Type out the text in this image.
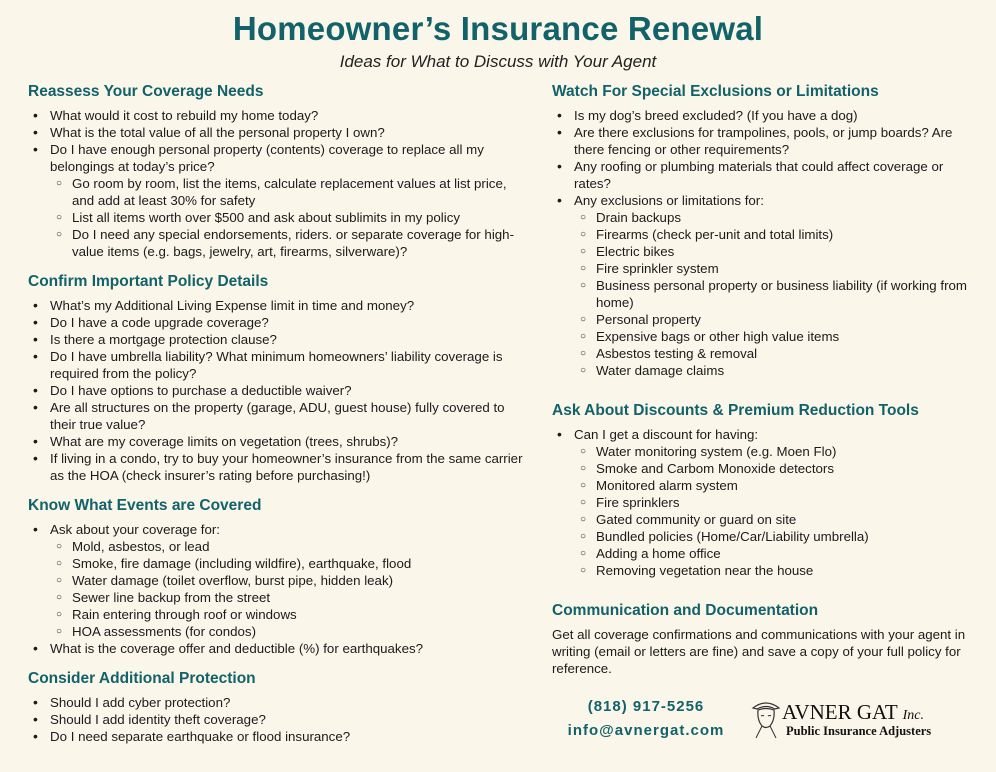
Homeowner’s Insurance Renewal
Ideas for What to Discuss with Your Agent
Reassess Your Coverage Needs
• What would it cost to rebuild my home today?
• What is the total value of all the personal property I own?
• Do I have enough personal property (contents) coverage to replace all my belongings at today’s price?
○ Go room by room, list the items, calculate replacement values at list price, and add at least 30% for safety
○ List all items worth over $500 and ask about sublimits in my policy
○ Do I need any special endorsements, riders. or separate coverage for high-value items (e.g. bags, jewelry, art, firearms, silverware)?
Confirm Important Policy Details
• What’s my Additional Living Expense limit in time and money?
• Do I have a code upgrade coverage?
• Is there a mortgage protection clause?
• Do I have umbrella liability? What minimum homeowners’ liability coverage is required from the policy?
• Do I have options to purchase a deductible waiver?
• Are all structures on the property (garage, ADU, guest house) fully covered to their true value?
• What are my coverage limits on vegetation (trees, shrubs)?
• If living in a condo, try to buy your homeowner’s insurance from the same carrier as the HOA (check insurer’s rating before purchasing!)
Know What Events are Covered
• Ask about your coverage for:
○ Mold, asbestos, or lead
○ Smoke, fire damage (including wildfire), earthquake, flood
○ Water damage (toilet overflow, burst pipe, hidden leak)
○ Sewer line backup from the street
○ Rain entering through roof or windows
○ HOA assessments (for condos)
• What is the coverage offer and deductible (%) for earthquakes?
Consider Additional Protection
• Should I add cyber protection?
• Should I add identity theft coverage?
• Do I need separate earthquake or flood insurance?
Watch For Special Exclusions or Limitations
• Is my dog’s breed excluded? (If you have a dog)
• Are there exclusions for trampolines, pools, or jump boards? Are there fencing or other requirements?
• Any roofing or plumbing materials that could affect coverage or rates?
• Any exclusions or limitations for:
○ Drain backups
○ Firearms (check per-unit and total limits)
○ Electric bikes
○ Fire sprinkler system
○ Business personal property or business liability (if working from home)
○ Personal property
○ Expensive bags or other high value items
○ Asbestos testing & removal
○ Water damage claims
Ask About Discounts & Premium Reduction Tools
• Can I get a discount for having:
○ Water monitoring system (e.g. Moen Flo)
○ Smoke and Carbom Monoxide detectors
○ Monitored alarm system
○ Fire sprinklers
○ Gated community or guard on site
○ Bundled policies (Home/Car/Liability umbrella)
○ Adding a home office
○ Removing vegetation near the house
Communication and Documentation

Get all coverage confirmations and communications with your agent in writing (email or letters are fine) and save a copy of your full policy for reference.

(818) 917-5256
info@avnergat.com
AVNER GAT Inc.
Public Insurance Adjusters
